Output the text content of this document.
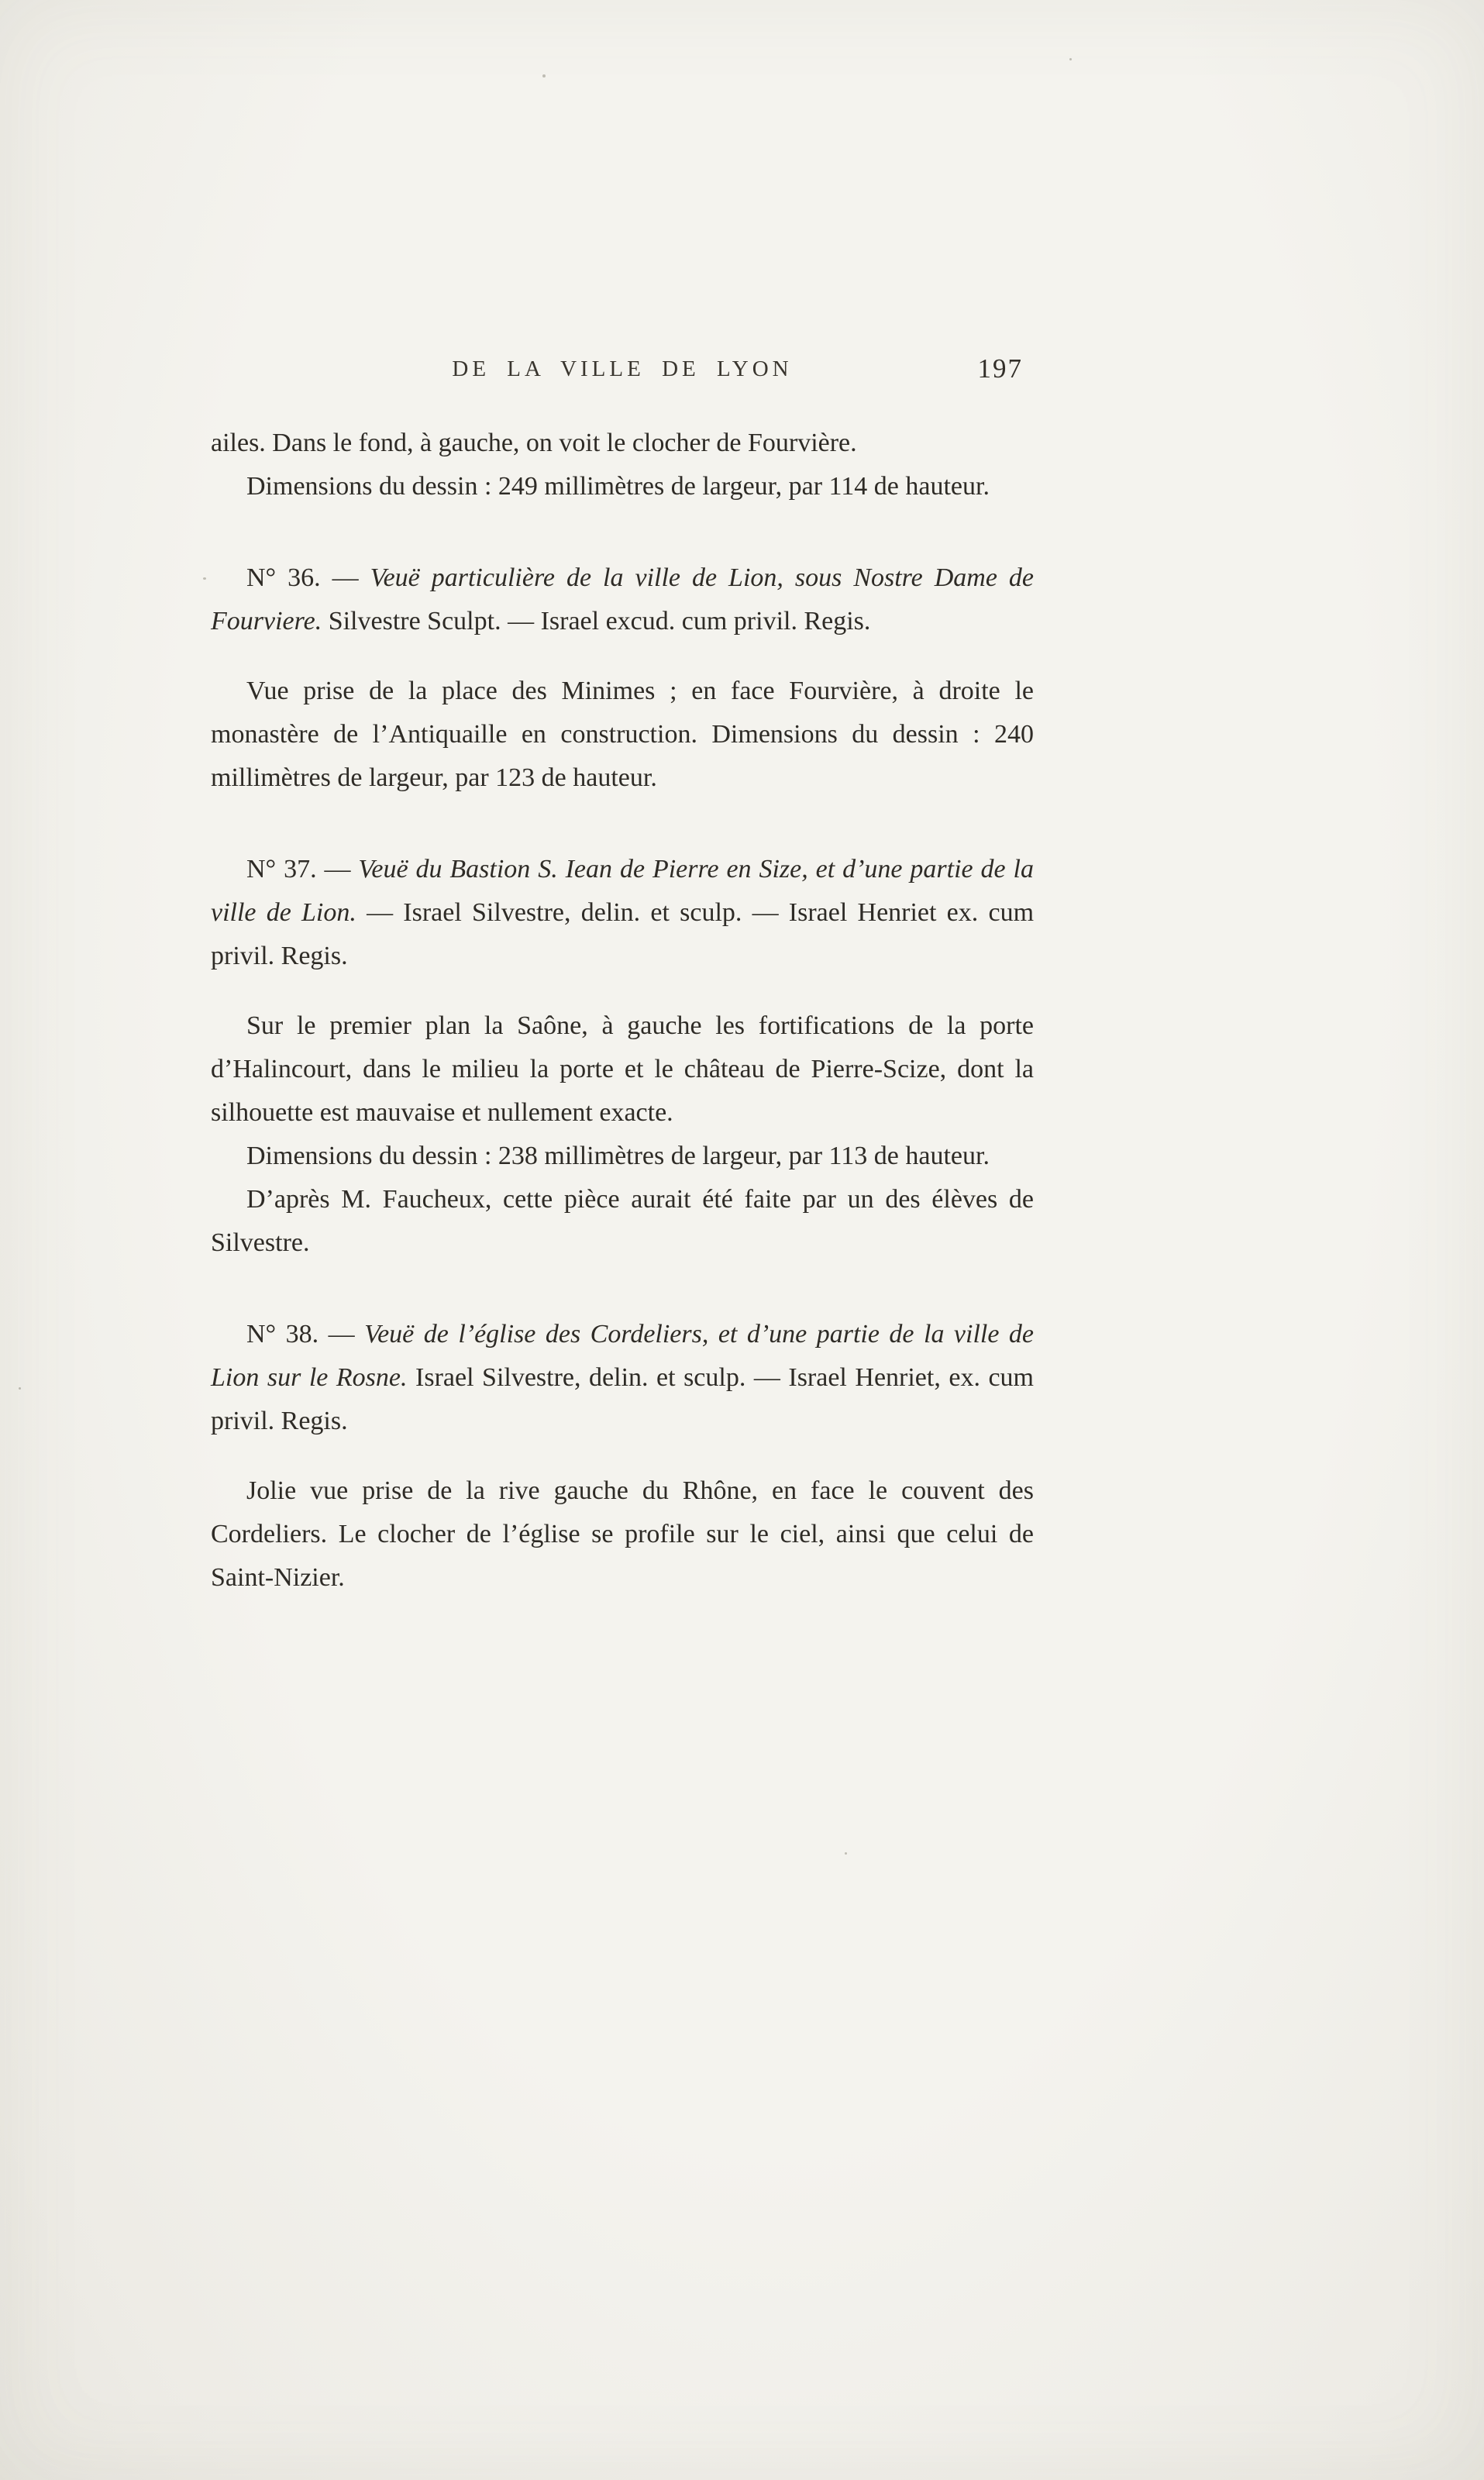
DE LA VILLE DE LYON	197

ailes. Dans le fond, à gauche, on voit le clocher de Fourvière.

Dimensions du dessin : 249 millimètres de largeur, par 114 de hauteur.

N° 36. — Veuë particulière de la ville de Lion, sous Nostre Dame de Fourviere. Silvestre Sculpt. — Israel excud. cum privil. Regis.

Vue prise de la place des Minimes ; en face Fourvière, à droite le monastère de l’Antiquaille en construction. Dimensions du dessin : 240 millimètres de largeur, par 123 de hauteur.

N° 37. — Veuë du Bastion S. Iean de Pierre en Size, et d’une partie de la ville de Lion. — Israel Silvestre, delin. et sculp. — Israel Henriet ex. cum privil. Regis.

Sur le premier plan la Saône, à gauche les fortifications de la porte d’Halincourt, dans le milieu la porte et le château de Pierre-Scize, dont la silhouette est mauvaise et nullement exacte.

Dimensions du dessin : 238 millimètres de largeur, par 113 de hauteur.

D’après M. Faucheux, cette pièce aurait été faite par un des élèves de Silvestre.

N° 38. — Veuë de l’église des Cordeliers, et d’une partie de la ville de Lion sur le Rosne. Israel Silvestre, delin. et sculp. — Israel Henriet, ex. cum privil. Regis.

Jolie vue prise de la rive gauche du Rhône, en face le couvent des Cordeliers. Le clocher de l’église se profile sur le ciel, ainsi que celui de Saint-Nizier.
